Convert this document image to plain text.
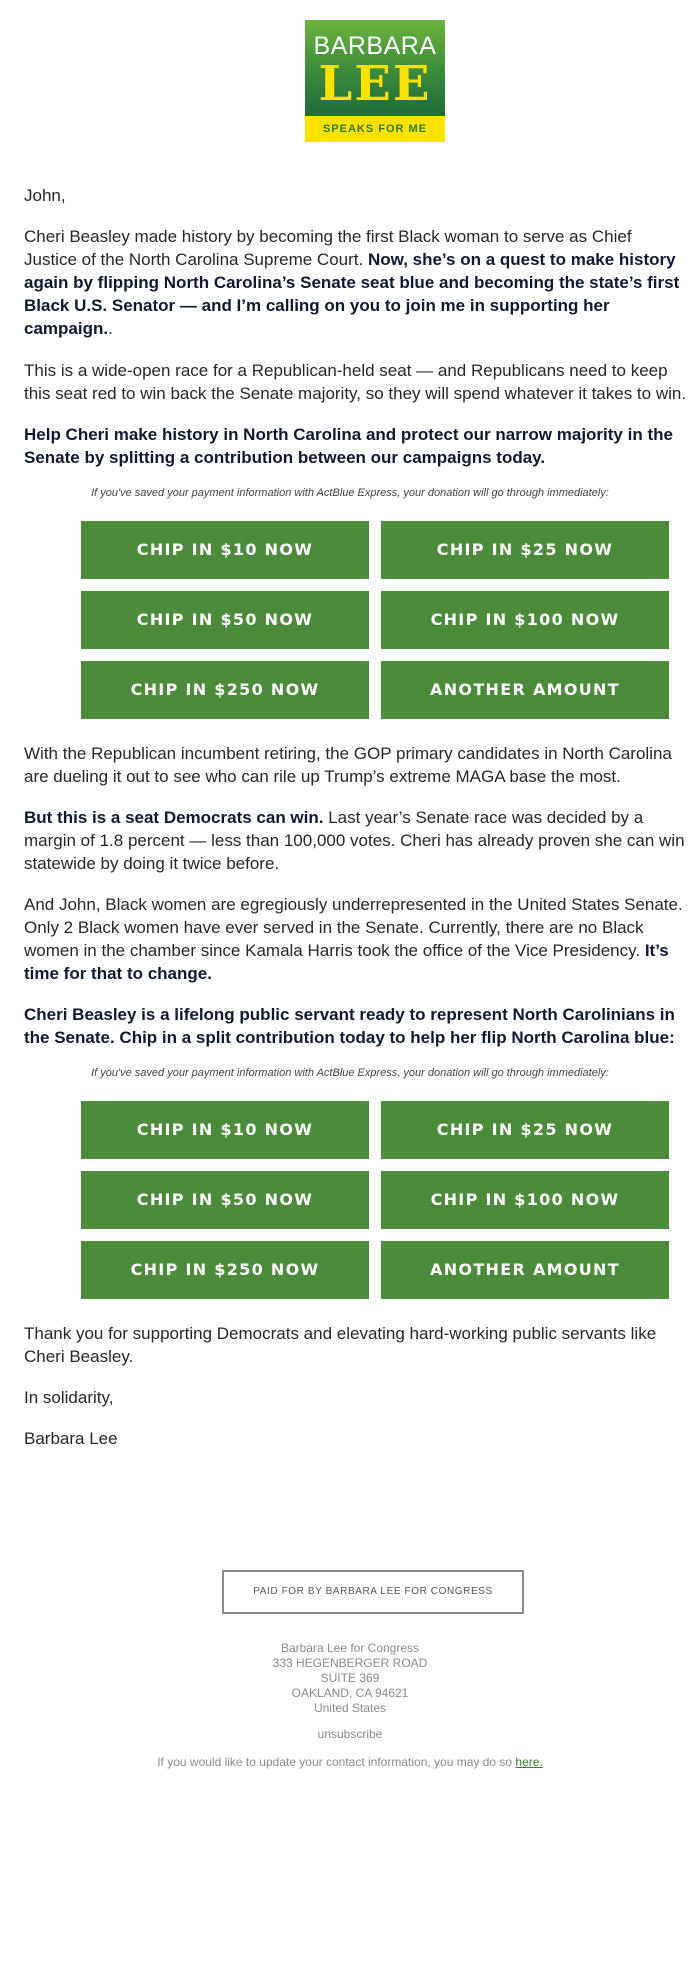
BARBARA
LEE
SPEAKS FOR ME
John,
Cheri Beasley made history by becoming the first Black woman to serve as Chief
Justice of the North Carolina Supreme Court. Now, she’s on a quest to make history
again by flipping North Carolina’s Senate seat blue and becoming the state’s first
Black U.S. Senator — and I’m calling on you to join me in supporting her
campaign..
This is a wide-open race for a Republican-held seat — and Republicans need to keep
this seat red to win back the Senate majority, so they will spend whatever it takes to win.
Help Cheri make history in North Carolina and protect our narrow majority in the
Senate by splitting a contribution between our campaigns today.
If you've saved your payment information with ActBlue Express, your donation will go through immediately:
CHIP IN $10 NOW	CHIP IN $25 NOW
CHIP IN $50 NOW	CHIP IN $100 NOW
CHIP IN $250 NOW	ANOTHER AMOUNT
With the Republican incumbent retiring, the GOP primary candidates in North Carolina
are dueling it out to see who can rile up Trump’s extreme MAGA base the most.
But this is a seat Democrats can win. Last year’s Senate race was decided by a
margin of 1.8 percent — less than 100,000 votes. Cheri has already proven she can win
statewide by doing it twice before.
And John, Black women are egregiously underrepresented in the United States Senate.
Only 2 Black women have ever served in the Senate. Currently, there are no Black
women in the chamber since Kamala Harris took the office of the Vice Presidency. It’s
time for that to change.
Cheri Beasley is a lifelong public servant ready to represent North Carolinians in
the Senate. Chip in a split contribution today to help her flip North Carolina blue:
If you've saved your payment information with ActBlue Express, your donation will go through immediately:
CHIP IN $10 NOW	CHIP IN $25 NOW
CHIP IN $50 NOW	CHIP IN $100 NOW
CHIP IN $250 NOW	ANOTHER AMOUNT
Thank you for supporting Democrats and elevating hard-working public servants like
Cheri Beasley.
In solidarity,
Barbara Lee
PAID FOR BY BARBARA LEE FOR CONGRESS
Barbara Lee for Congress
333 HEGENBERGER ROAD
SUITE 369
OAKLAND, CA 94621
United States
unsubscribe
If you would like to update your contact information, you may do so here.
